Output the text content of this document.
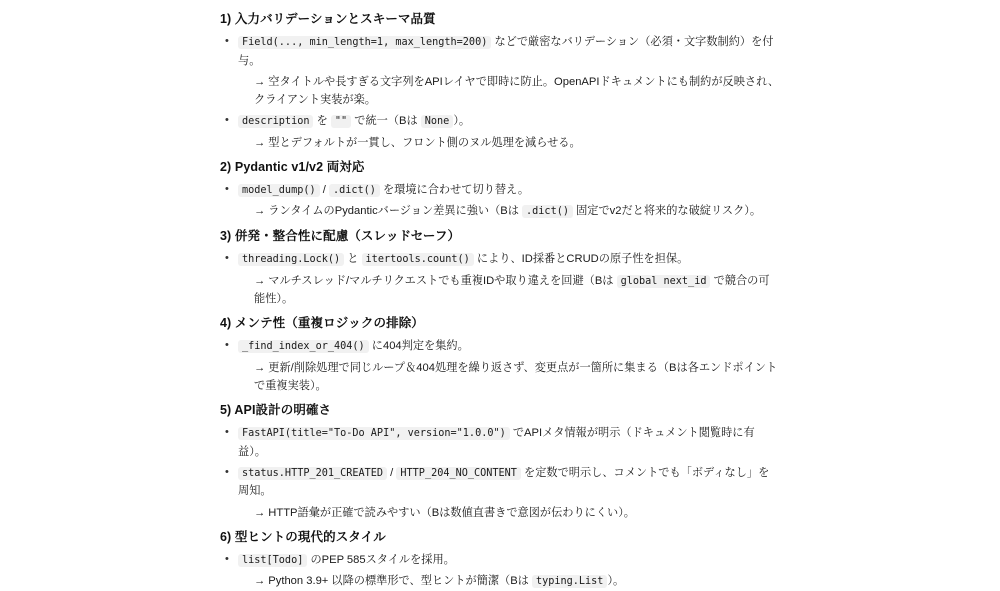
1) 入力バリデーションとスキーマ品質
• Field(..., min_length=1, max_length=200) などで厳密なバリデーション（必須・文字数制約）を付与。
→ 空タイトルや長すぎる文字列をAPIレイヤで即時に防止。OpenAPIドキュメントにも制約が反映され、クライアント実装が楽。
• description を "" で統一（Bは None ）。
→ 型とデフォルトが一貫し、フロント側のヌル処理を減らせる。
2) Pydantic v1/v2 両対応
• model_dump() / .dict() を環境に合わせて切り替え。
→ ランタイムのPydanticバージョン差異に強い（Bは .dict() 固定でv2だと将来的な破綻リスク）。
3) 併発・整合性に配慮（スレッドセーフ）
• threading.Lock() と itertools.count() により、ID採番とCRUDの原子性を担保。
→ マルチスレッド/マルチリクエストでも重複IDや取り違えを回避（Bは global next_id で競合の可能性）。
4) メンテ性（重複ロジックの排除）
• _find_index_or_404() に404判定を集約。
→ 更新/削除処理で同じループ＆404処理を繰り返さず、変更点が一箇所に集まる（Bは各エンドポイントで重複実装）。
5) API設計の明確さ
• FastAPI(title="To-Do API", version="1.0.0") でAPIメタ情報が明示（ドキュメント閲覧時に有益）。
• status.HTTP_201_CREATED / HTTP_204_NO_CONTENT を定数で明示し、コメントでも「ボディなし」を周知。
→ HTTP語彙が正確で読みやすい（Bは数値直書きで意図が伝わりにくい）。
6) 型ヒントの現代的スタイル
• list[Todo] のPEP 585スタイルを採用。
→ Python 3.9+ 以降の標準形で、型ヒントが簡潔（Bは typing.List ）。
